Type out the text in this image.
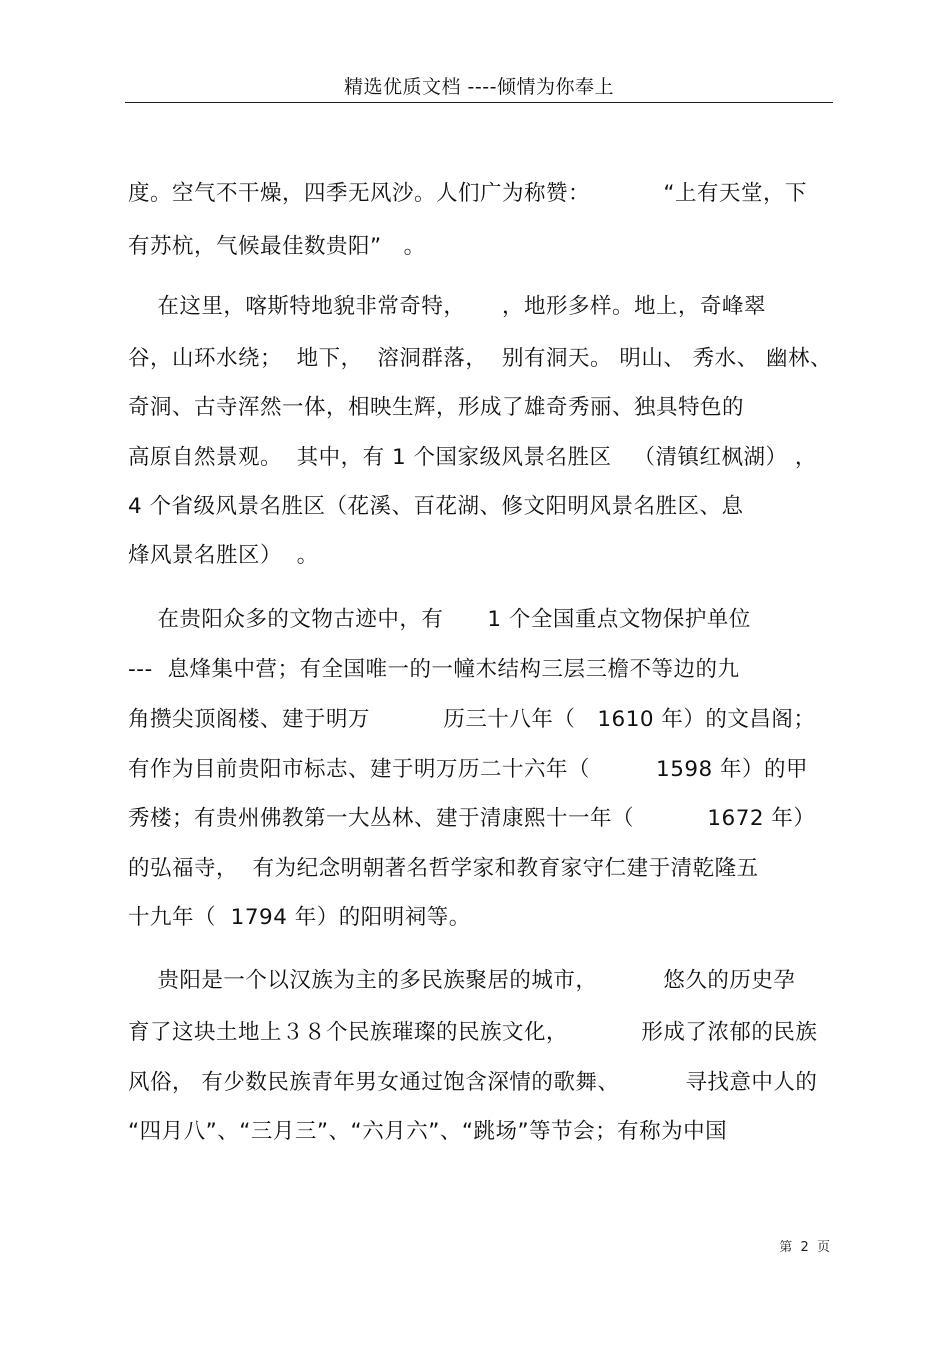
精选优质文档 ----倾情为你奉上
度。空气不干燥，四季无风沙。人们广为称赞：          “上有天堂，下
有苏杭，气候最佳数贵阳”   。
在这里，喀斯特地貌非常奇特，     ，地形多样。地上，奇峰翠
谷，山环水绕；  地下，  溶洞群落，  别有洞天。 明山、 秀水、 幽林、
奇洞、古寺浑然一体，相映生辉，形成了雄奇秀丽、独具特色的
高原自然景观。  其中，有 1 个国家级风景名胜区   （清镇红枫湖） ，
4 个省级风景名胜区（花溪、百花湖、修文阳明风景名胜区、息
烽风景名胜区）  。
在贵阳众多的文物古迹中，有      1 个全国重点文物保护单位
---  息烽集中营；有全国唯一的一幢木结构三层三檐不等边的九
角攒尖顶阁楼、建于明万          历三十八年（   1610 年）的文昌阁；
有作为目前贵阳市标志、建于明万历二十六年（         1598 年）的甲
秀楼；有贵州佛教第一大丛林、建于清康熙十一年（          1672 年）
的弘福寺，  有为纪念明朝著名哲学家和教育家守仁建于清乾隆五
十九年（  1794 年）的阳明祠等。
贵阳是一个以汉族为主的多民族聚居的城市，         悠久的历史孕
育了这块土地上３８个民族璀璨的民族文化，          形成了浓郁的民族
风俗， 有少数民族青年男女通过饱含深情的歌舞、         寻找意中人的
“四月八”、“三月三”、“六月六”、“跳场”等节会；有称为中国
第  2  页
